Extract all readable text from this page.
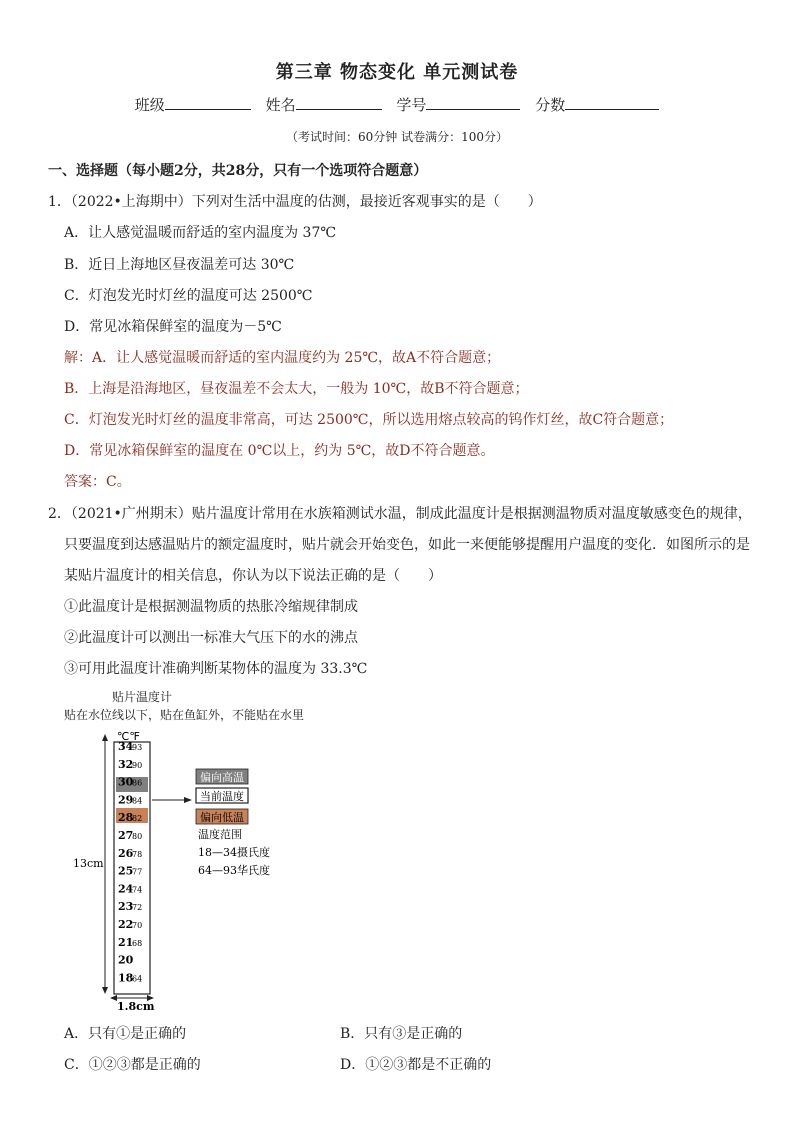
第三章 物态变化 单元测试卷
班级	姓名	学号	分数
（考试时间：60分钟 试卷满分：100分）
一、选择题（每小题2分，共28分，只有一个选项符合题意）
1．（2022•上海期中）下列对生活中温度的估测，最接近客观事实的是（　　）
A．让人感觉温暖而舒适的室内温度为 37℃
B．近日上海地区昼夜温差可达 30℃
C．灯泡发光时灯丝的温度可达 2500℃
D．常见冰箱保鲜室的温度为－5℃
解：A．让人感觉温暖而舒适的室内温度约为 25℃，故A不符合题意；
B．上海是沿海地区，昼夜温差不会太大，一般为 10℃，故B不符合题意；
C．灯泡发光时灯丝的温度非常高，可达 2500℃，所以选用熔点较高的钨作灯丝，故C符合题意；
D．常见冰箱保鲜室的温度在 0℃以上，约为 5℃，故D不符合题意。
答案：C。
2．（2021•广州期末）贴片温度计常用在水族箱测试水温，制成此温度计是根据测温物质对温度敏感变色的规律，
只要温度到达感温贴片的额定温度时，贴片就会开始变色，如此一来便能够提醒用户温度的变化．如图所示的是
某贴片温度计的相关信息，你认为以下说法正确的是（　　）
①此温度计是根据测温物质的热胀冷缩规律制成
②此温度计可以测出一标准大气压下的水的沸点
③可用此温度计准确判断某物体的温度为 33.3℃
贴片温度计
贴在水位线以下，贴在鱼缸外，不能贴在水里
℃℉
13cm
1.8cm
34
32
30
29
28
27
26
25
24
23
22
21
20
18
93
90
86
84
82
80
78
77
74
72
70
68
64
偏向高温
当前温度
偏向低温
温度范围
18—34摄氏度
64—93华氏度
A．只有①是正确的	B．只有③是正确的
C．①②③都是正确的	D．①②③都是不正确的
